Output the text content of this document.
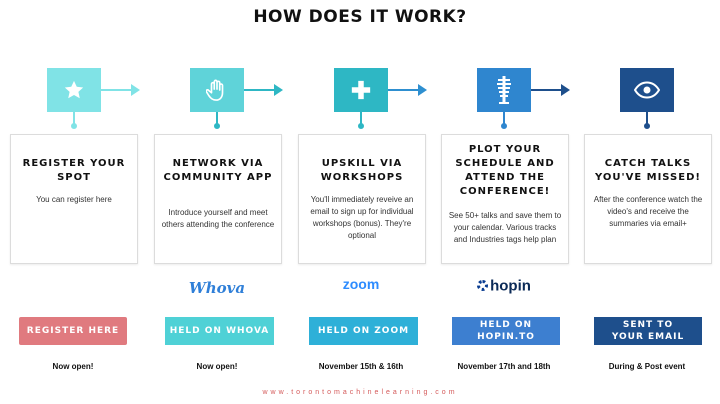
HOW DOES IT WORK?
REGISTER YOUR SPOT
You can register here
REGISTER HERE
Now open!
NETWORK VIA COMMUNITY APP
Introduce yourself and meet others attending the conference
Whova
HELD ON WHOVA
Now open!
UPSKILL VIA WORKSHOPS
You'll immediately reveive an email to sign up for individual workshops (bonus). They're optional
zoom
HELD ON ZOOM
November 15th & 16th
PLOT YOUR SCHEDULE AND ATTEND THE CONFERENCE!
See 50+ talks and save them to your calendar. Various tracks and Industries tags help plan
hopin
HELD ON HOPIN.TO
November 17th and 18th
CATCH TALKS YOU'VE MISSED!
After the conference watch the video's and receive the summaries via email+
SENT TO YOUR EMAIL
During & Post event
www.torontomachinelearning.com
